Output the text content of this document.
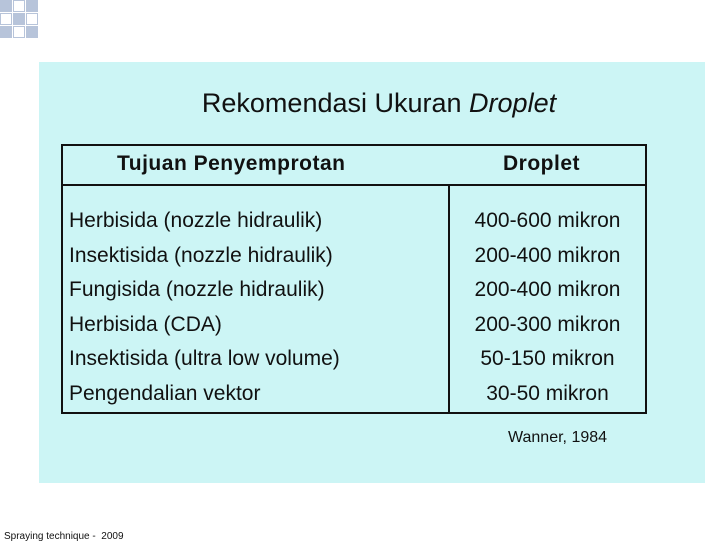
Rekomendasi Ukuran Droplet
Tujuan Penyemprotan	Droplet
Herbisida (nozzle hidraulik)
Insektisida (nozzle hidraulik)
Fungisida (nozzle hidraulik)
Herbisida (CDA)
Insektisida (ultra low volume)
Pengendalian vektor
400-600 mikron
200-400 mikron
200-400 mikron
200-300 mikron
50-150 mikron
30-50 mikron
Wanner, 1984
Spraying technique -  2009
